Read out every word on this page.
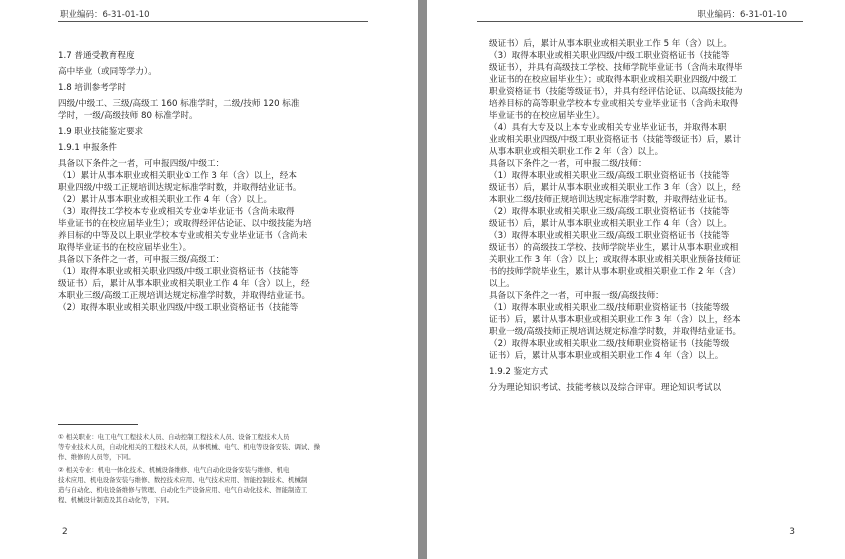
职业编码：6-31-01-10
1.7 普通受教育程度
高中毕业（或同等学力）。
1.8 培训参考学时
四级/中级工、三级/高级工 160 标准学时，二级/技师 120 标准
学时，一级/高级技师 80 标准学时。
1.9 职业技能鉴定要求
1.9.1 申报条件
具备以下条件之一者，可申报四级/中级工：
（1）累计从事本职业或相关职业①工作 3 年（含）以上，经本
职业四级/中级工正规培训达规定标准学时数，并取得结业证书。
（2）累计从事本职业或相关职业工作 4 年（含）以上。
（3）取得技工学校本专业或相关专业②毕业证书（含尚未取得
毕业证书的在校应届毕业生）；或取得经评估论证、以中级技能为培
养目标的中等及以上职业学校本专业或相关专业毕业证书（含尚未
取得毕业证书的在校应届毕业生）。
具备以下条件之一者，可申报三级/高级工：
（1）取得本职业或相关职业四级/中级工职业资格证书（技能等
级证书）后，累计从事本职业或相关职业工作 4 年（含）以上，经
本职业三级/高级工正规培训达规定标准学时数，并取得结业证书。
（2）取得本职业或相关职业四级/中级工职业资格证书（技能等
① 相关职业：电工电气工程技术人员、自动控制工程技术人员、设备工程技术人员
等专业技术人员，自动化相关的工程技术人员，从事机械、电气、机电等设备安装、调试、操
作、维修的人员等，下同。
② 相关专业：机电一体化技术、机械设备维修、电气自动化设备安装与维修、机电
技术应用、机电设备安装与维修、数控技术应用、电气技术应用、智能控制技术、机械制
造与自动化、机电设备维修与管理、自动化生产设备应用、电气自动化技术、智能制造工
程、机械设计制造及其自动化等，下同。
2
职业编码：6-31-01-10
级证书）后，累计从事本职业或相关职业工作 5 年（含）以上。
（3）取得本职业或相关职业四级/中级工职业资格证书（技能等
级证书），并具有高级技工学校、技师学院毕业证书（含尚未取得毕
业证书的在校应届毕业生）；或取得本职业或相关职业四级/中级工
职业资格证书（技能等级证书），并具有经评估论证、以高级技能为
培养目标的高等职业学校本专业或相关专业毕业证书（含尚未取得
毕业证书的在校应届毕业生）。
（4）具有大专及以上本专业或相关专业毕业证书，并取得本职
业或相关职业四级/中级工职业资格证书（技能等级证书）后，累计
从事本职业或相关职业工作 2 年（含）以上。
具备以下条件之一者，可申报二级/技师：
（1）取得本职业或相关职业三级/高级工职业资格证书（技能等
级证书）后，累计从事本职业或相关职业工作 3 年（含）以上，经
本职业二级/技师正规培训达规定标准学时数，并取得结业证书。
（2）取得本职业或相关职业三级/高级工职业资格证书（技能等
级证书）后，累计从事本职业或相关职业工作 4 年（含）以上。
（3）取得本职业或相关职业三级/高级工职业资格证书（技能等
级证书）的高级技工学校、技师学院毕业生，累计从事本职业或相
关职业工作 3 年（含）以上；或取得本职业或相关职业预备技师证
书的技师学院毕业生，累计从事本职业或相关职业工作 2 年（含）
以上。
具备以下条件之一者，可申报一级/高级技师：
（1）取得本职业或相关职业二级/技师职业资格证书（技能等级
证书）后，累计从事本职业或相关职业工作 3 年（含）以上，经本
职业一级/高级技师正规培训达规定标准学时数，并取得结业证书。
（2）取得本职业或相关职业二级/技师职业资格证书（技能等级
证书）后，累计从事本职业或相关职业工作 4 年（含）以上。
1.9.2 鉴定方式
分为理论知识考试、技能考核以及综合评审。理论知识考试以
3
